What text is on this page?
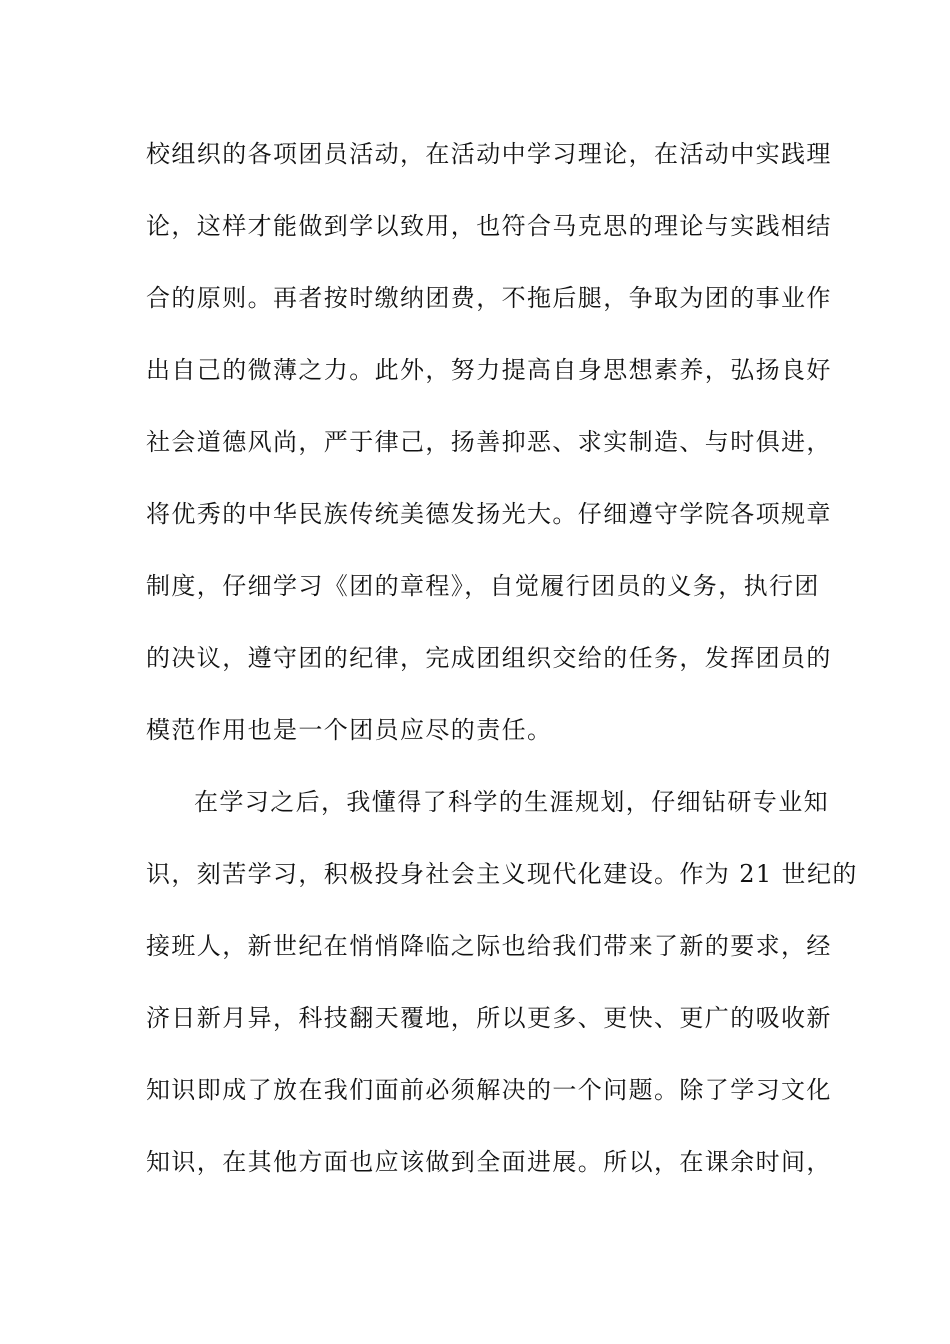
校组织的各项团员活动，在活动中学习理论，在活动中实践理
论，这样才能做到学以致用，也符合马克思的理论与实践相结
合的原则。再者按时缴纳团费，不拖后腿，争取为团的事业作
出自己的微薄之力。此外，努力提高自身思想素养，弘扬良好
社会道德风尚，严于律己，扬善抑恶、求实制造、与时俱进，
将优秀的中华民族传统美德发扬光大。仔细遵守学院各项规章
制度，仔细学习《团的章程》，自觉履行团员的义务，执行团
的决议，遵守团的纪律，完成团组织交给的任务，发挥团员的
模范作用也是一个团员应尽的责任。
在学习之后，我懂得了科学的生涯规划，仔细钻研专业知
识，刻苦学习，积极投身社会主义现代化建设。作为 21 世纪的
接班人，新世纪在悄悄降临之际也给我们带来了新的要求，经
济日新月异，科技翻天覆地，所以更多、更快、更广的吸收新
知识即成了放在我们面前必须解决的一个问题。除了学习文化
知识，在其他方面也应该做到全面进展。所以，在课余时间，
